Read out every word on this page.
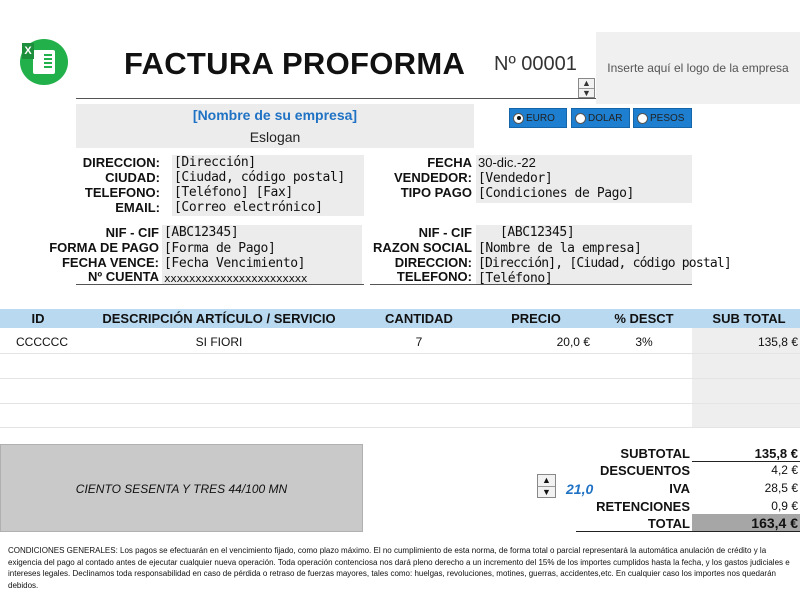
X	FACTURA PROFORMA Nº 00001
▲
▼
Inserte aquí el logo de la empresa
[Nombre de su empresa]
Eslogan
EURO	DOLAR	PESOS
DIRECCION: [Dirección]
CIUDAD: [Ciudad, código postal]
TELEFONO: [Teléfono] [Fax]
EMAIL: [Correo electrónico]
FECHA 30-dic.-22
VENDEDOR: [Vendedor]
TIPO PAGO [Condiciones de Pago]
NIF - CIF [ABC12345]
FORMA DE PAGO [Forma de Pago]
FECHA VENCE: [Fecha Vencimiento]
Nº CUENTA xxxxxxxxxxxxxxxxxxxxxxx
NIF - CIF [ABC12345]
RAZON SOCIAL [Nombre de la empresa]
DIRECCION: [Dirección], [Ciudad, código postal]
TELEFONO: [Teléfono]
ID	DESCRIPCIÓN ARTÍCULO / SERVICIO	CANTIDAD	PRECIO	% DESCT	SUB TOTAL
CCCCCC	SI FIORI	7	20,0 €	3%	135,8 €
CIENTO SESENTA Y TRES 44/100 MN
▲
▼ 21,0
SUBTOTAL	135,8 €
DESCUENTOS	4,2 €
IVA	28,5 €
RETENCIONES	0,9 €
TOTAL	163,4 €
CONDICIONES GENERALES: Los pagos se efectuarán en el vencimiento fijado, como plazo máximo. El no cumplimiento de esta norma, de forma total o parcial representará la automática anulación de crédito y la exigencia del pago al contado antes de ejecutar cualquier nueva operación. Toda operación contenciosa nos dará pleno derecho a un incremento del 15% de los importes cumplidos hasta la fecha, y los gastos judiciales e intereses legales. Declinamos toda responsabilidad en caso de pérdida o retraso de fuerzas mayores, tales como: huelgas, revoluciones, motines, guerras, accidentes,etc. En cualquier caso los importes nos quedarán debidos.
